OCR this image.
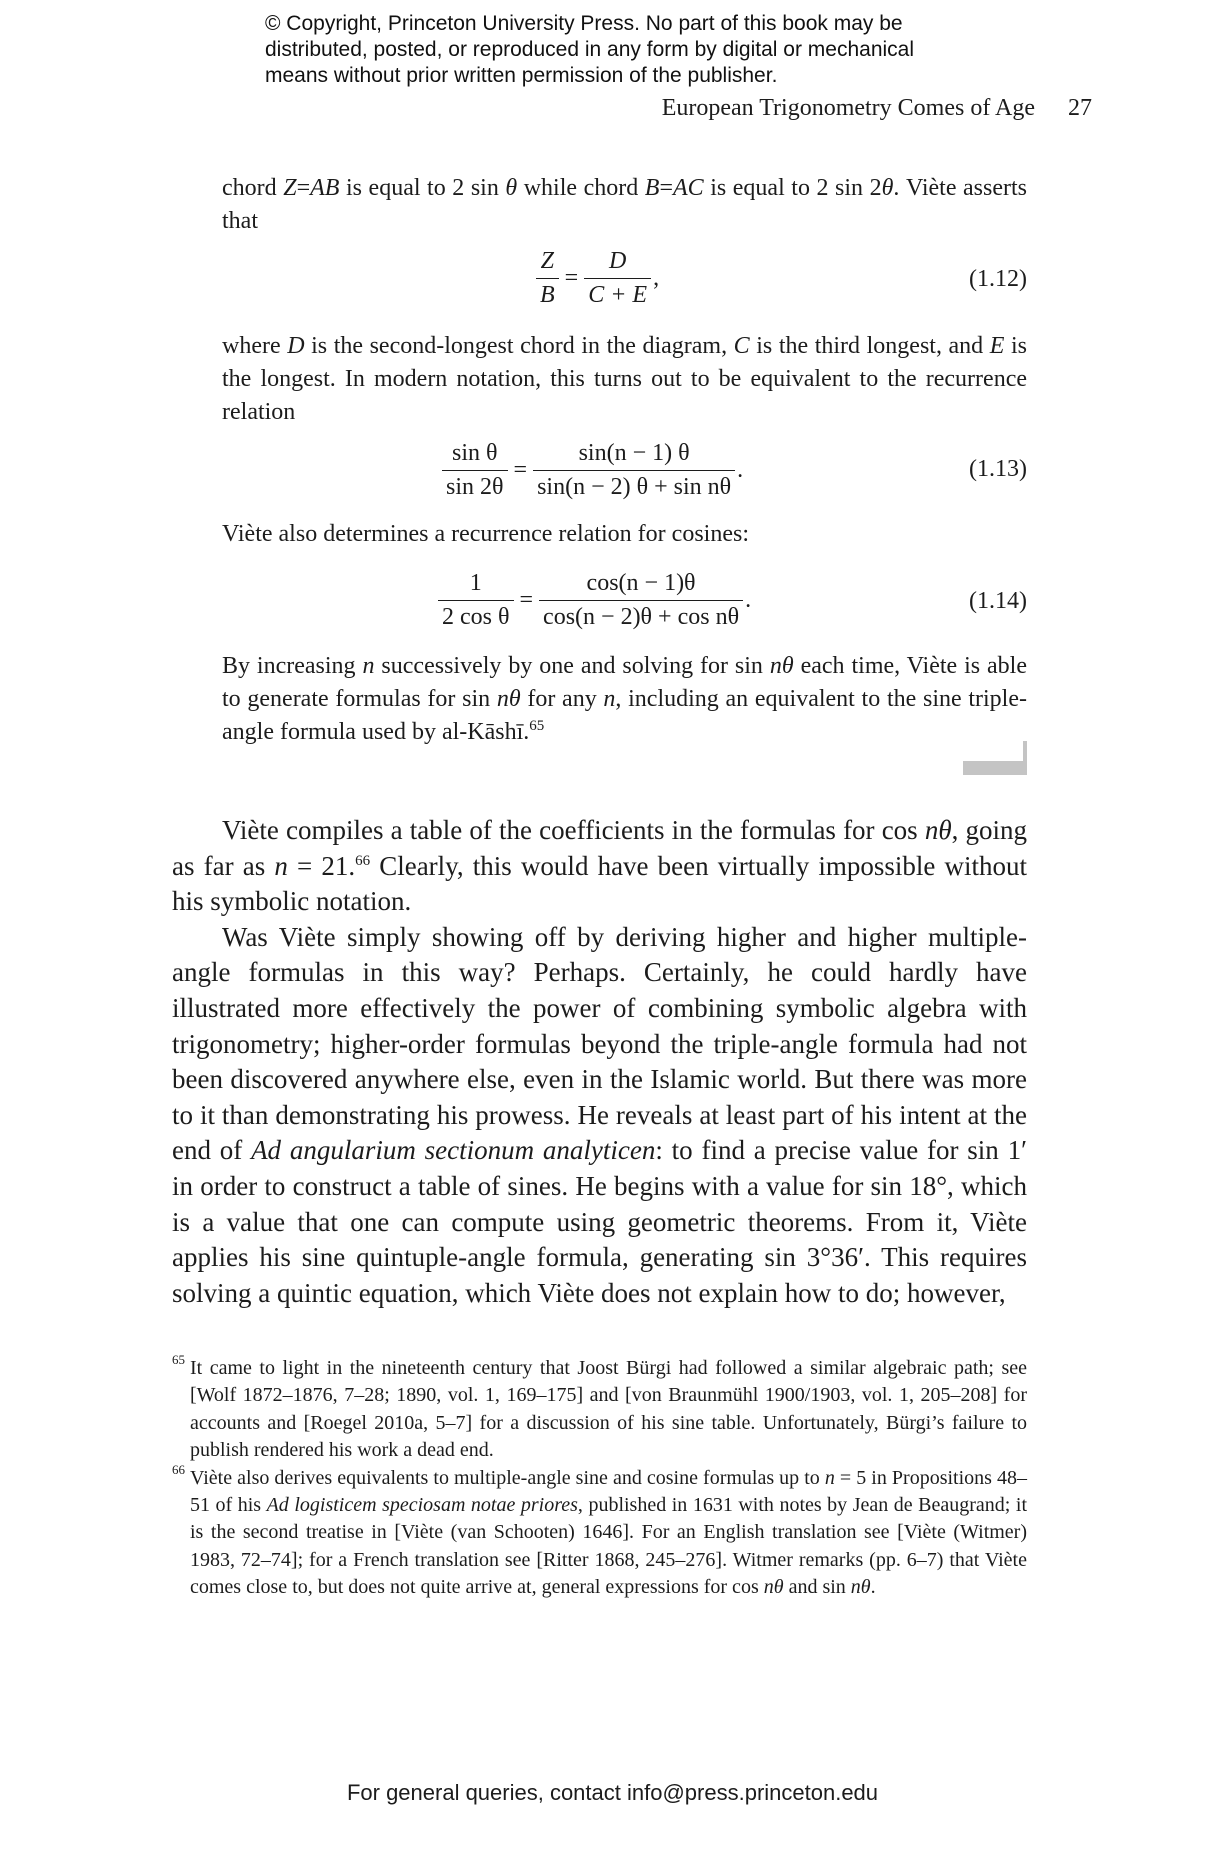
© Copyright, Princeton University Press. No part of this book may be
distributed, posted, or reproduced in any form by digital or mechanical
means without prior written permission of the publisher.
European Trigonometry Comes of Age 27
chord Z=AB is equal to 2 sin θ while chord B=AC is equal to 2 sin 2θ. Viète asserts that
$\frac{Z}{B} = \frac{D}{C + E}$ ,	(1.12)
where D is the second-longest chord in the diagram, C is the third longest, and E is the longest. In modern notation, this turns out to be equivalent to the recurrence relation
$\frac{\text{sin θ}}{\sin 2\theta} = \frac{\sin(n - 1) \theta}{\text{sin(n − 2) θ + sin nθ}}$ .	(1.13)
Viète also determines a recurrence relation for cosines:
$\frac{1}{\text{2 cos θ}} = \frac{\cos(n - 1)\theta}{\text{cos(n − 2)θ + cos nθ}}$ .	(1.14)
By increasing n successively by one and solving for sin nθ each time, Viète is able to generate formulas for sin nθ for any n, including an equivalent to the sine triple-angle formula used by al-Kāshī.$^{65}$

Viète compiles a table of the coefficients in the formulas for cos nθ, going as far as n = 21.66 Clearly, this would have been virtually impossible without his symbolic notation.

Was Viète simply showing off by deriving higher and higher multiple-angle formulas in this way? Perhaps. Certainly, he could hardly have illustrated more effectively the power of combining symbolic algebra with trigonometry; higher-order formulas beyond the triple-angle formula had not been discovered anywhere else, even in the Islamic world. But there was more to it than demonstrating his prowess. He reveals at least part of his intent at the end of Ad angularium sectionum analyticen: to find a precise value for sin 1′ in order to construct a table of sines. He begins with a value for sin 18°, which is a value that one can compute using geometric theorems. From it, Viète applies his sine quintuple-angle formula, generating sin 3°36′. This requires solving a quintic equation, which Viète does not explain how to do; however,

65 It came to light in the nineteenth century that Joost Bürgi had followed a similar algebraic path; see [Wolf 1872–1876, 7–28; 1890, vol. 1, 169–175] and [von Braunmühl 1900/1903, vol. 1, 205–208] for accounts and [Roegel 2010a, 5–7] for a discussion of his sine table. Unfortunately, Bürgi’s failure to publish rendered his work a dead end.

66 Viète also derives equivalents to multiple-angle sine and cosine formulas up to n = 5 in Propositions 48–51 of his Ad logisticem speciosam notae priores, published in 1631 with notes by Jean de Beaugrand; it is the second treatise in [Viète (van Schooten) 1646]. For an English translation see [Viète (Witmer) 1983, 72–74]; for a French translation see [Ritter 1868, 245–276]. Witmer remarks (pp. 6–7) that Viète comes close to, but does not quite arrive at, general expressions for cos nθ and sin nθ.

For general queries, contact info@press.princeton.edu
